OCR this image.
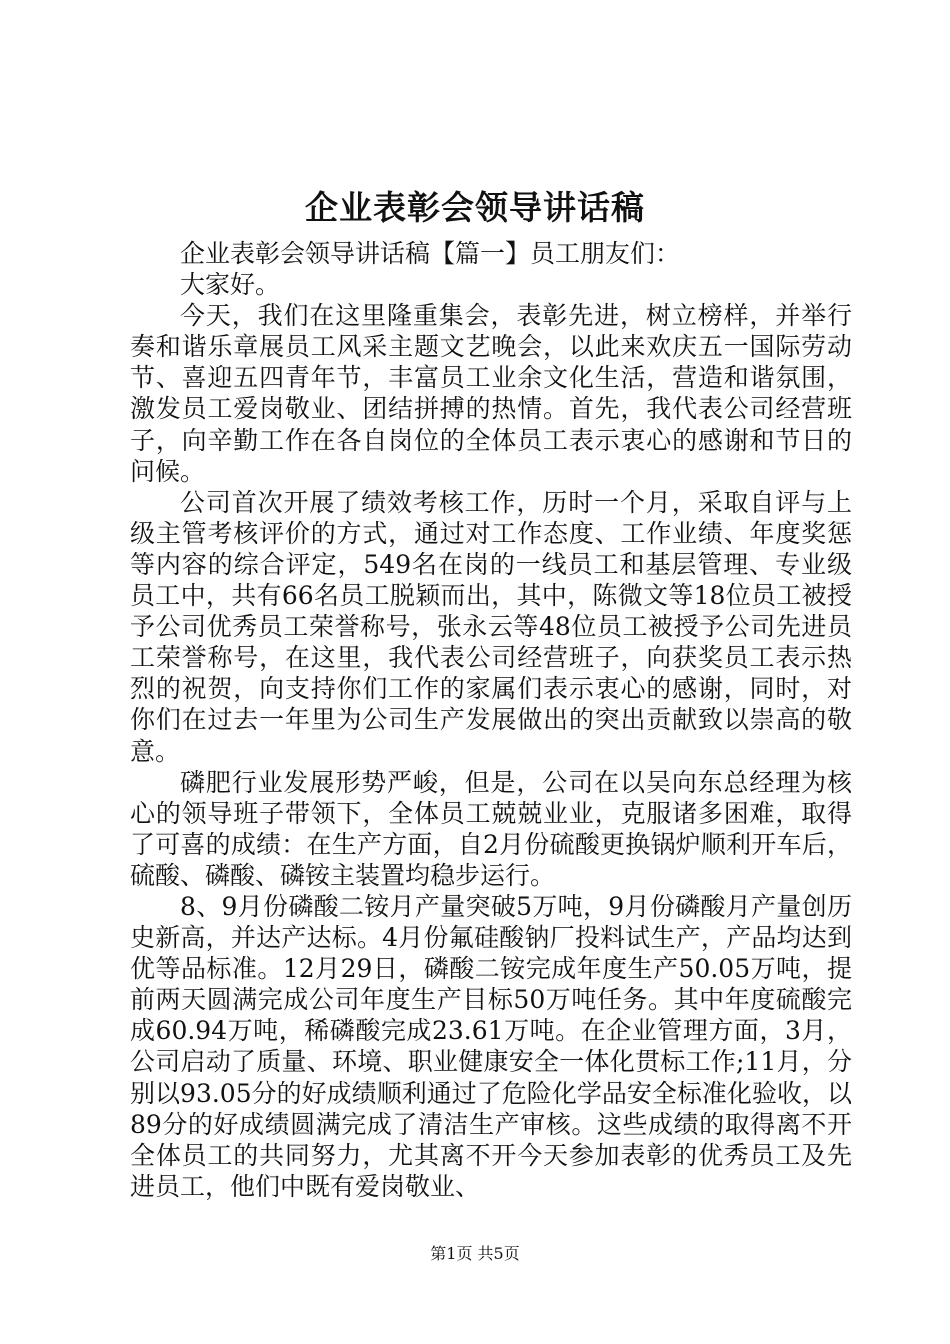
企业表彰会领导讲话稿

企业表彰会领导讲话稿【篇一】员工朋友们：

大家好。

今天，我们在这里隆重集会，表彰先进，树立榜样，并举行奏和谐乐章展员工风采主题文艺晚会，以此来欢庆五一国际劳动节、喜迎五四青年节，丰富员工业余文化生活，营造和谐氛围，激发员工爱岗敬业、团结拼搏的热情。首先，我代表公司经营班子，向辛勤工作在各自岗位的全体员工表示衷心的感谢和节日的问候。

公司首次开展了绩效考核工作，历时一个月，采取自评与上级主管考核评价的方式，通过对工作态度、工作业绩、年度奖惩等内容的综合评定，549名在岗的一线员工和基层管理、专业级员工中，共有66名员工脱颖而出，其中，陈微文等18位员工被授予公司优秀员工荣誉称号，张永云等48位员工被授予公司先进员工荣誉称号，在这里，我代表公司经营班子，向获奖员工表示热烈的祝贺，向支持你们工作的家属们表示衷心的感谢，同时，对你们在过去一年里为公司生产发展做出的突出贡献致以崇高的敬意。

磷肥行业发展形势严峻，但是，公司在以吴向东总经理为核心的领导班子带领下，全体员工兢兢业业，克服诸多困难，取得了可喜的成绩：在生产方面，自2月份硫酸更换锅炉顺利开车后，硫酸、磷酸、磷铵主装置均稳步运行。

8、9月份磷酸二铵月产量突破5万吨，9月份磷酸月产量创历史新高，并达产达标。4月份氟硅酸钠厂投料试生产，产品均达到优等品标准。12月29日，磷酸二铵完成年度生产50.05万吨，提前两天圆满完成公司年度生产目标50万吨任务。其中年度硫酸完成60.94万吨，稀磷酸完成23.61万吨。在企业管理方面，3月，公司启动了质量、环境、职业健康安全一体化贯标工作;11月，分别以93.05分的好成绩顺利通过了危险化学品安全标准化验收，以89分的好成绩圆满完成了清洁生产审核。这些成绩的取得离不开全体员工的共同努力，尤其离不开今天参加表彰的优秀员工及先进员工，他们中既有爱岗敬业、

第1页 共5页
